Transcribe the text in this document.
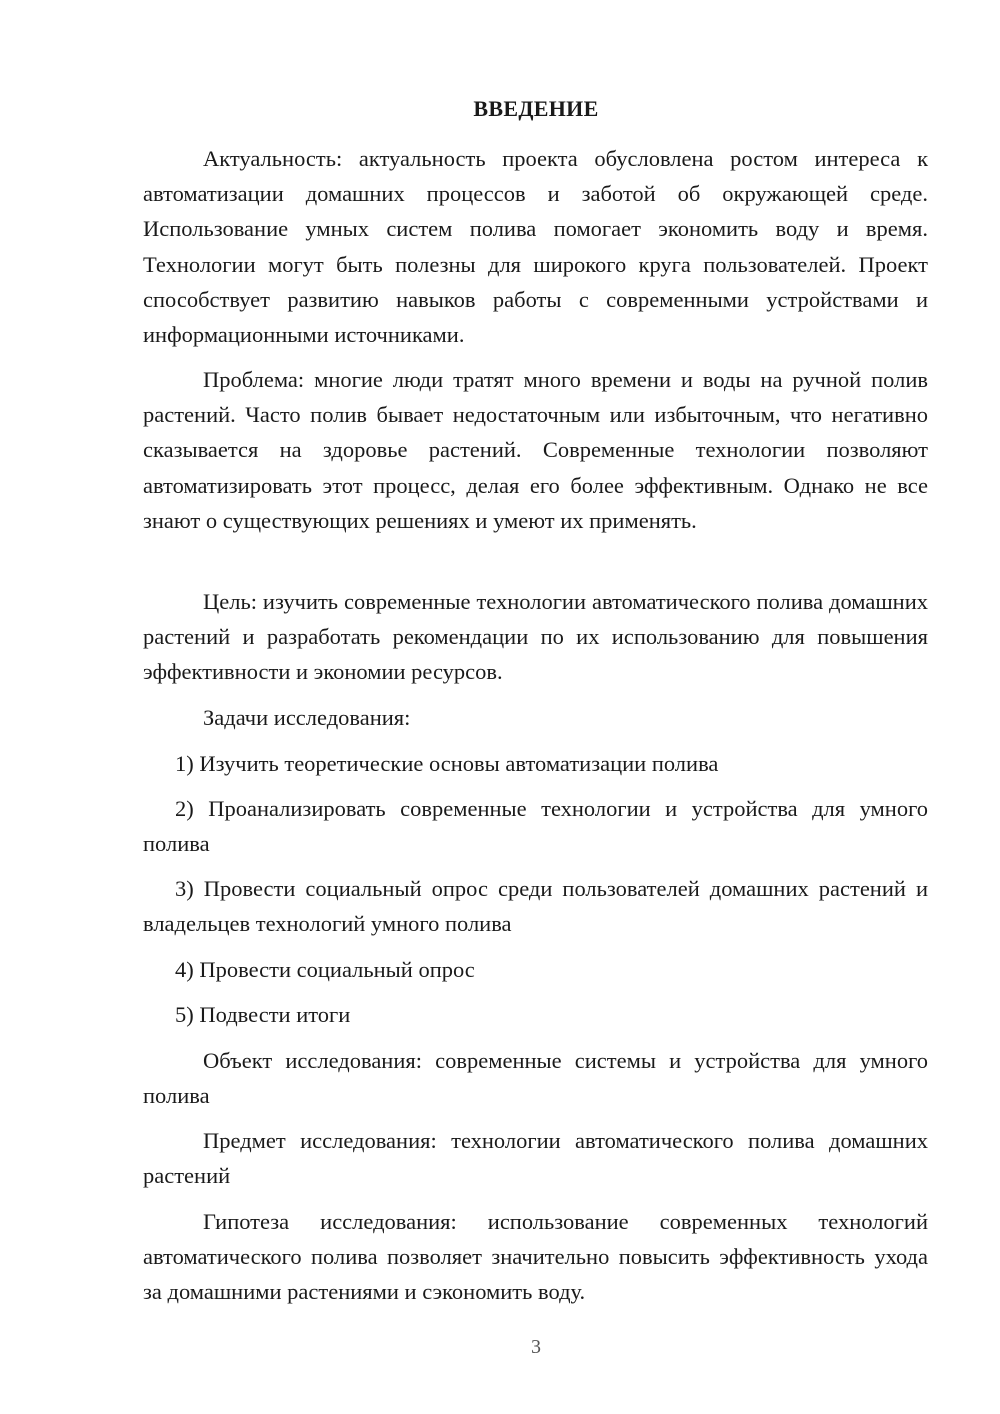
ВВЕДЕНИЕ

Актуальность: актуальность проекта обусловлена ростом интереса к автоматизации домашних процессов и заботой об окружающей среде. Использование умных систем полива помогает экономить воду и время. Технологии могут быть полезны для широкого круга пользователей. Проект способствует развитию навыков работы с современными устройствами и информационными источниками.

Проблема: многие люди тратят много времени и воды на ручной полив растений. Часто полив бывает недостаточным или избыточным, что негативно сказывается на здоровье растений. Современные технологии позволяют автоматизировать этот процесс, делая его более эффективным. Однако не все знают о существующих решениях и умеют их применять.

Цель: изучить современные технологии автоматического полива домашних растений и разработать рекомендации по их использованию для повышения эффективности и экономии ресурсов.

Задачи исследования:

1) Изучить теоретические основы автоматизации полива

2) Проанализировать современные технологии и устройства для умного полива

3) Провести социальный опрос среди пользователей домашних растений и владельцев технологий умного полива

4) Провести социальный опрос

5) Подвести итоги

Объект исследования: современные системы и устройства для умного полива

Предмет исследования: технологии автоматического полива домашних растений

Гипотеза исследования: использование современных технологий автоматического полива позволяет значительно повысить эффективность ухода за домашними растениями и сэкономить воду.

3
